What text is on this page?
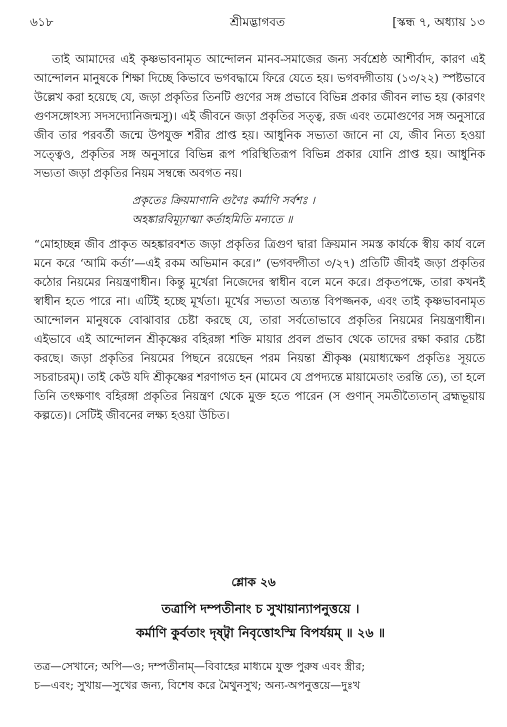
৬১৮	শ্রীমদ্ভাগবত	[স্কন্ধ ৭, অধ্যায় ১৩

তাই আমাদের এই কৃষ্ণভাবনামৃত আন্দোলন মানব-সমাজের জন্য সর্বশ্রেষ্ঠ আশীর্বাদ, কারণ এই আন্দোলন মানুষকে শিক্ষা দিচ্ছে কিভাবে ভগবদ্ধামে ফিরে যেতে হয়। ভগবদ্গীতায় (১৩/২২) স্পষ্টভাবে উল্লেখ করা হয়েছে যে, জড়া প্রকৃতির তিনটি গুণের সঙ্গ প্রভাবে বিভিন্ন প্রকার জীবন লাভ হয় (কারণং গুণসঙ্গোঽস্য সদসদ্যোনিজন্মসু)। এই জীবনে জড়া প্রকৃতির সত্ত্ব, রজ এবং তমোগুণের সঙ্গ অনুসারে জীব তার পরবর্তী জন্মে উপযুক্ত শরীর প্রাপ্ত হয়। আধুনিক সভ্যতা জানে না যে, জীব নিত্য হওয়া সত্ত্বেও, প্রকৃতির সঙ্গ অনুসারে বিভিন্ন রূপ পরিস্থিতিরূপ বিভিন্ন প্রকার যোনি প্রাপ্ত হয়। আধুনিক সভ্যতা জড়া প্রকৃতির নিয়ম সম্বন্ধে অবগত নয়।

প্রকৃতেঃ ক্রিয়মাণানি গুণৈঃ কর্মাণি সর্বশঃ ।
অহঙ্কারবিমূঢ়াত্মা কর্তাহমিতি মন্যতে ॥

“মোহাচ্ছন্ন জীব প্রাকৃত অহঙ্কারবশত জড়া প্রকৃতির ত্রিগুণ দ্বারা ক্রিয়মান সমস্ত কার্যকে স্বীয় কার্য বলে মনে করে ‘আমি কর্তা’—এই রকম অভিমান করে।” (ভগবদ্গীতা ৩/২৭) প্রতিটি জীবই জড়া প্রকৃতির কঠোর নিয়মের নিয়ন্ত্রণাধীন। কিন্তু মূর্খেরা নিজেদের স্বাধীন বলে মনে করে। প্রকৃতপক্ষে, তারা কখনই স্বাধীন হতে পারে না। এটিই হচ্ছে মূর্খতা। মূর্খের সভ্যতা অত্যন্ত বিপজ্জনক, এবং তাই কৃষ্ণভাবনামৃত আন্দোলন মানুষকে বোঝাবার চেষ্টা করছে যে, তারা সর্বতোভাবে প্রকৃতির নিয়মের নিয়ন্ত্রণাধীন। এইভাবে এই আন্দোলন শ্রীকৃষ্ণের বহিরঙ্গা শক্তি মায়ার প্রবল প্রভাব থেকে তাদের রক্ষা করার চেষ্টা করছে। জড়া প্রকৃতির নিয়মের পিছনে রয়েছেন পরম নিয়ন্তা শ্রীকৃষ্ণ (ময়াধ্যক্ষেণ প্রকৃতিঃ সূয়তে সচরাচরম্)। তাই কেউ যদি শ্রীকৃষ্ণের শরণাগত হন (মামেব যে প্রপদ্যন্তে মায়ামেতাং তরন্তি তে), তা হলে তিনি তৎক্ষণাৎ বহিরঙ্গা প্রকৃতির নিয়ন্ত্রণ থেকে মুক্ত হতে পারেন (স গুণান্ সমতীত্যৈতান্ ব্রহ্মভূয়ায় কল্পতে)। সেটিই জীবনের লক্ষ্য হওয়া উচিত।

শ্লোক ২৬
তত্রাপি দম্পতীনাং চ সুখায়ান্যাপনুত্তয়ে ।
কর্মাণি কুর্বতাং দৃষ্ট্বা নিবৃত্তোঽস্মি বিপর্যয়ম্ ॥ ২৬ ॥
তত্র—সেখানে; অপি—ও; দম্পতীনাম্—বিবাহের মাধ্যমে যুক্ত পুরুষ এবং স্ত্রীর;
চ—এবং; সুখায়—সুখের জন্য, বিশেষ করে মৈথুনসুখ; অন্য-অপনুত্তয়ে—দুঃখ
